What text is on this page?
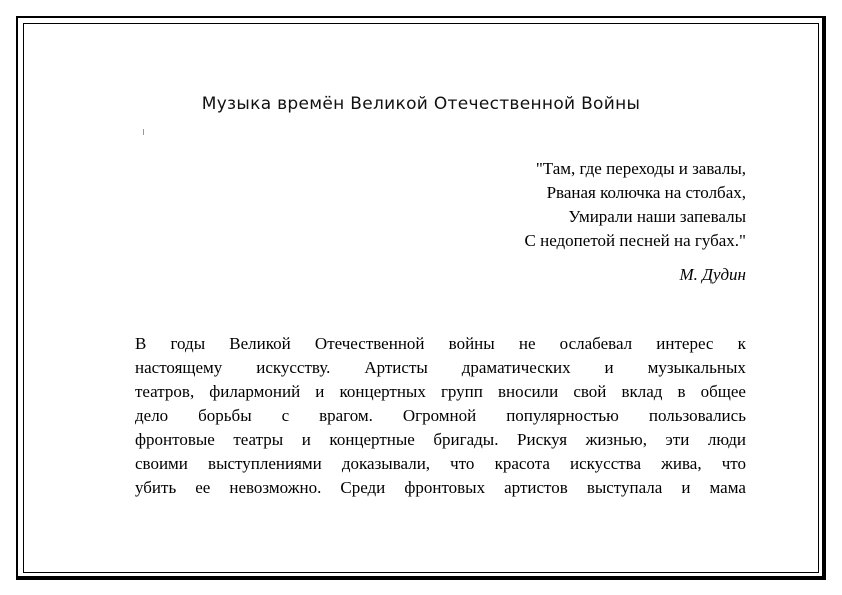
Музыка времён Великой Отечественной Войны
"Там, где переходы и завалы,
Рваная колючка на столбах,
Умирали наши запевалы
С недопетой песней на губах."
М. Дудин
В годы Великой Отечественной войны не ослабевал интерес к
настоящему искусству. Артисты драматических и музыкальных
театров, филармоний и концертных групп вносили свой вклад в общее
дело борьбы с врагом. Огромной популярностью пользовались
фронтовые театры и концертные бригады. Рискуя жизнью, эти люди
своими выступлениями доказывали, что красота искусства жива, что
убить ее невозможно. Среди фронтовых артистов выступала и мама
